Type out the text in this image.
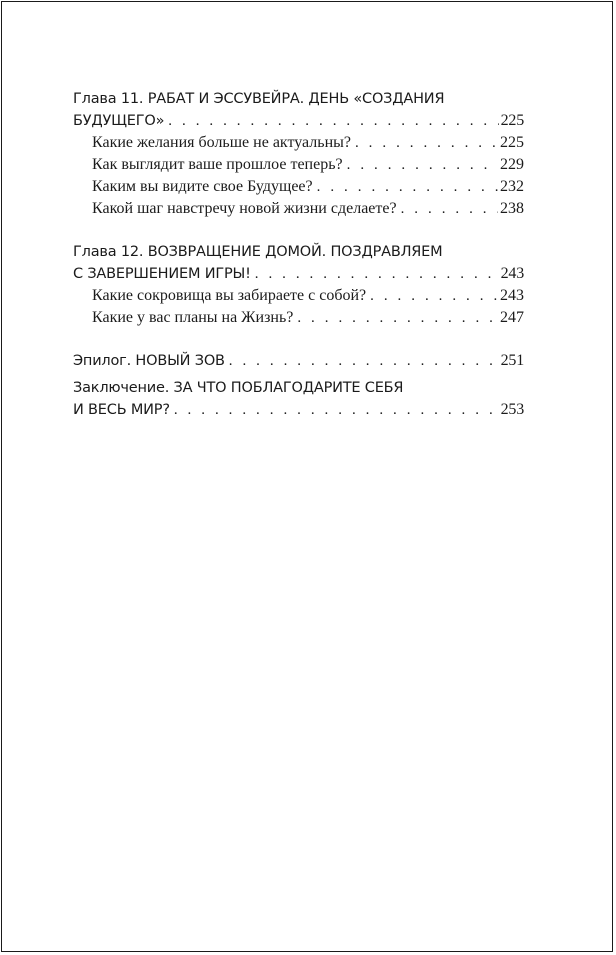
Глава 11. РАБАТ И ЭССУВЕЙРА. ДЕНЬ «СОЗДАНИЯ
БУДУЩЕГО» . . .	225
Какие желания больше не актуальны? . . .	225
Как выглядит ваше прошлое теперь? . . .	229
Каким вы видите свое Будущее? . . .	232
Какой шаг навстречу новой жизни сделаете? . . .	238
Глава 12. ВОЗВРАЩЕНИЕ ДОМОЙ. ПОЗДРАВЛЯЕМ
С ЗАВЕРШЕНИЕМ ИГРЫ! . . .	243
Какие сокровища вы забираете с собой? . . .	243
Какие у вас планы на Жизнь? . . .	247
Эпилог. НОВЫЙ ЗОВ . . .	251
Заключение. ЗА ЧТО ПОБЛАГОДАРИТЕ СЕБЯ
И ВЕСЬ МИР? . . .	253
